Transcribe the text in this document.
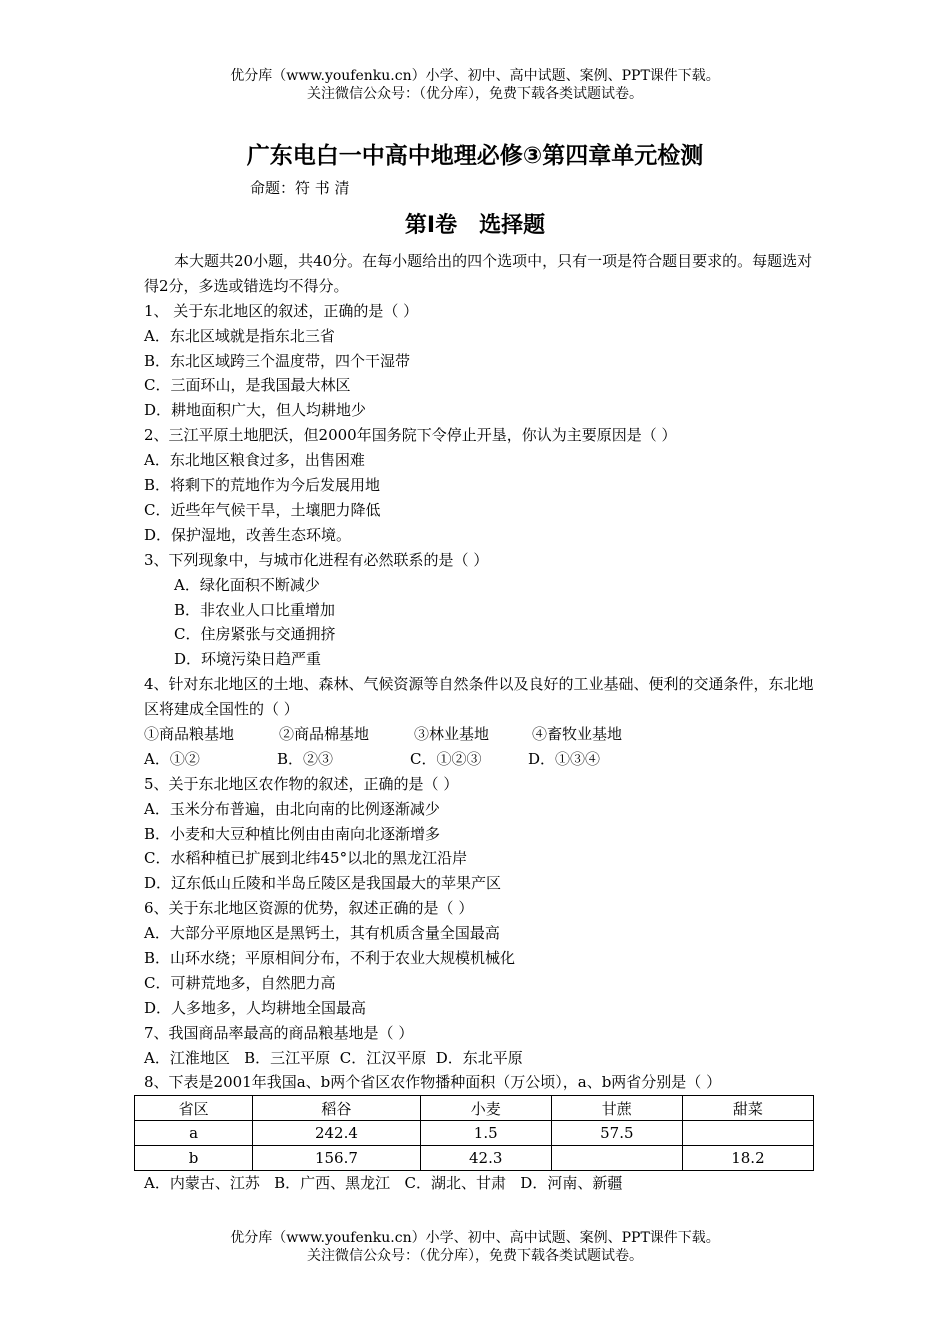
优分库（www.youfenku.cn）小学、初中、高中试题、案例、PPT课件下载。
关注微信公众号：（优分库），免费下载各类试题试卷。
广东电白一中高中地理必修③第四章单元检测
命题：符 书 清
第Ⅰ卷　选择题
本大题共20小题，共40分。在每小题给出的四个选项中，只有一项是符合题目要求的。每题选对得2分，多选或错选均不得分。
1、 关于东北地区的叙述，正确的是（ ）
A．东北区域就是指东北三省
B．东北区域跨三个温度带，四个干湿带
C．三面环山，是我国最大林区
D．耕地面积广大，但人均耕地少
2、三江平原土地肥沃，但2000年国务院下令停止开垦，你认为主要原因是（ ）
A．东北地区粮食过多，出售困难
B．将剩下的荒地作为今后发展用地
C．近些年气候干旱，土壤肥力降低
D．保护湿地，改善生态环境。
3、下列现象中，与城市化进程有必然联系的是（ ）
A．绿化面积不断减少
B．非农业人口比重增加
C．住房紧张与交通拥挤
D．环境污染日趋严重
4、针对东北地区的土地、森林、气候资源等自然条件以及良好的工业基础、便利的交通条件，东北地区将建成全国性的（ ）
①商品粮基地	②商品棉基地	③林业基地	④畜牧业基地
A．①②	B．②③	C．①②③	D．①③④
5、关于东北地区农作物的叙述，正确的是（ ）
A．玉米分布普遍，由北向南的比例逐渐减少
B．小麦和大豆种植比例由由南向北逐渐增多
C．水稻种植已扩展到北纬45°以北的黑龙江沿岸
D．辽东低山丘陵和半岛丘陵区是我国最大的苹果产区
6、关于东北地区资源的优势，叙述正确的是（ ）
A．大部分平原地区是黑钙土，其有机质含量全国最高
B．山环水绕；平原相间分布，不利于农业大规模机械化
C．可耕荒地多，自然肥力高
D．人多地多，人均耕地全国最高
7、我国商品率最高的商品粮基地是（ ）
A．江淮地区 B．三江平原 C．江汉平原 D．东北平原
8、下表是2001年我国a、b两个省区农作物播种面积（万公顷），a、b两省分别是（ ）
省区	稻谷	小麦	甘蔗	甜菜
a	242.4	1.5	57.5	
b	156.7	42.3		18.2
A．内蒙古、江苏 B．广西、黑龙江 C．湖北、甘肃 D．河南、新疆
优分库（www.youfenku.cn）小学、初中、高中试题、案例、PPT课件下载。
关注微信公众号：（优分库），免费下载各类试题试卷。
